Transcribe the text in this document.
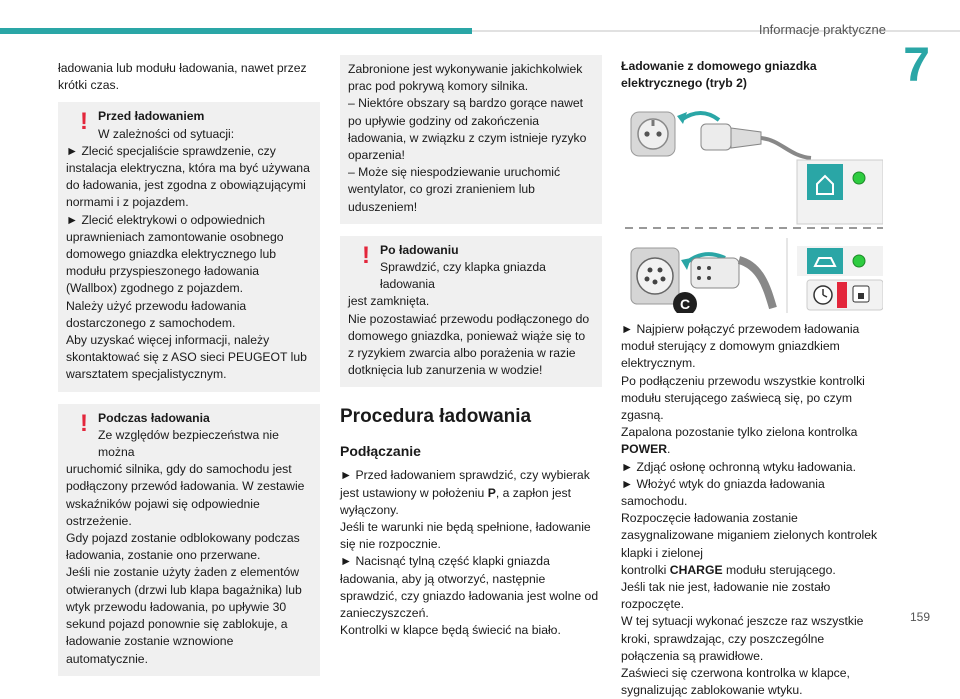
Informacje praktyczne
7

ładowania lub modułu ładowania, nawet przez krótki czas.

! Przed ładowaniem

W zależności od sytuacji:

► Zlecić specjaliście sprawdzenie, czy instalacja elektryczna, która ma być używana do ładowania, jest zgodna z obowiązującymi normami i z pojazdem.

► Zlecić elektrykowi o odpowiednich uprawnieniach zamontowanie osobnego domowego gniazdka elektrycznego lub modułu przyspieszonego ładowania (Wallbox) zgodnego z pojazdem.

Należy użyć przewodu ładowania dostarczonego z samochodem.

Aby uzyskać więcej informacji, należy skontaktować się z ASO sieci PEUGEOT lub warsztatem specjalistycznym.

! Podczas ładowania

Ze względów bezpieczeństwa nie można

uruchomić silnika, gdy do samochodu jest podłączony przewód ładowania. W zestawie wskaźników pojawi się odpowiednie ostrzeżenie.

Gdy pojazd zostanie odblokowany podczas ładowania, zostanie ono przerwane.

Jeśli nie zostanie użyty żaden z elementów otwieranych (drzwi lub klapa bagażnika) lub wtyk przewodu ładowania, po upływie 30 sekund pojazd ponownie się zablokuje, a ładowanie zostanie wznowione automatycznie.

Zabronione jest wykonywanie jakichkolwiek prac pod pokrywą komory silnika.

– Niektóre obszary są bardzo gorące nawet po upływie godziny od zakończenia ładowania, w związku z czym istnieje ryzyko oparzenia!

– Może się niespodziewanie uruchomić wentylator, co grozi zranieniem lub uduszeniem!

! Po ładowaniu

Sprawdzić, czy klapka gniazda ładowania

jest zamknięta.

Nie pozostawiać przewodu podłączonego do domowego gniazdka, ponieważ wiąże się to z ryzykiem zwarcia albo porażenia w razie dotknięcia lub zanurzenia w wodzie!

Procedura ładowania
Podłączanie

► Przed ładowaniem sprawdzić, czy wybierak jest ustawiony w położeniu P, a zapłon jest wyłączony.

Jeśli te warunki nie będą spełnione, ładowanie się nie rozpocznie.

► Nacisnąć tylną część klapki gniazda ładowania, aby ją otworzyć, następnie sprawdzić, czy gniazdo ładowania jest wolne od zanieczyszczeń.

Kontrolki w klapce będą świecić na biało.

Ładowanie z domowego gniazdka elektrycznego (tryb 2)
C

► Najpierw połączyć przewodem ładowania moduł sterujący z domowym gniazdkiem elektrycznym.

Po podłączeniu przewodu wszystkie kontrolki modułu sterującego zaświecą się, po czym zgasną.

Zapalona pozostanie tylko zielona kontrolka POWER.

► Zdjąć osłonę ochronną wtyku ładowania.

► Włożyć wtyk do gniazda ładowania samochodu.

Rozpoczęcie ładowania zostanie zasygnalizowane miganiem zielonych kontrolek klapki i zielonej

kontrolki CHARGE modułu sterującego.

Jeśli tak nie jest, ładowanie nie zostało rozpoczęte.

W tej sytuacji wykonać jeszcze raz wszystkie kroki, sprawdzając, czy poszczególne połączenia są prawidłowe.

Zaświeci się czerwona kontrolka w klapce, sygnalizując zablokowanie wtyku.

159
